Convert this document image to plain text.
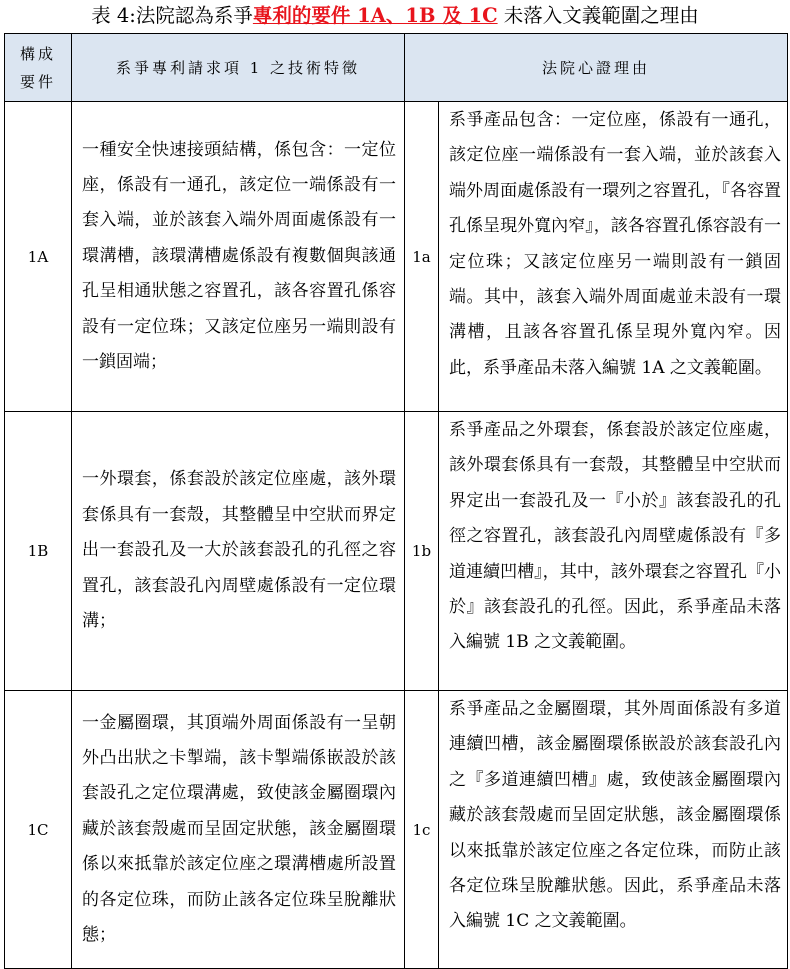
表 4:法院認為系爭專利的要件 1A、1B 及 1C 未落入文義範圍之理由
構成
要件	系爭專利請求項 1 之技術特徵	法院心證理由	
1A	一種安全快速接頭結構，係包含：一定位座，係設有一通孔，該定位一端係設有一套入端，並於該套入端外周面處係設有一環溝槽，該環溝槽處係設有複數個與該通孔呈相通狀態之容置孔，該各容置孔係容設有一定位珠；又該定位座另一端則設有一鎖固端；	1a	系爭產品包含：一定位座，係設有一通孔，該定位座一端係設有一套入端，並於該套入端外周面處係設有一環列之容置孔，『各容置孔係呈現外寬內窄』，該各容置孔係容設有一定位珠；又該定位座另一端則設有一鎖固端。其中，該套入端外周面處並未設有一環溝槽，且該各容置孔係呈現外寬內窄。因此，系爭產品未落入編號 1A 之文義範圍。
1B	一外環套，係套設於該定位座處，該外環套係具有一套殼，其整體呈中空狀而界定出一套設孔及一大於該套設孔的孔徑之容置孔，該套設孔內周壁處係設有一定位環溝；	1b	系爭產品之外環套，係套設於該定位座處，該外環套係具有一套殼，其整體呈中空狀而界定出一套設孔及一『小於』該套設孔的孔徑之容置孔，該套設孔內周壁處係設有『多道連續凹槽』，其中，該外環套之容置孔『小於』該套設孔的孔徑。因此，系爭產品未落入編號 1B 之文義範圍。
1C	一金屬圈環，其頂端外周面係設有一呈朝外凸出狀之卡掣端，該卡掣端係嵌設於該套設孔之定位環溝處，致使該金屬圈環內藏於該套殼處而呈固定狀態，該金屬圈環係以來抵靠於該定位座之環溝槽處所設置的各定位珠，而防止該各定位珠呈脫離狀態；	1c	系爭產品之金屬圈環，其外周面係設有多道連續凹槽，該金屬圈環係嵌設於該套設孔內之『多道連續凹槽』處，致使該金屬圈環內藏於該套殼處而呈固定狀態，該金屬圈環係以來抵靠於該定位座之各定位珠，而防止該各定位珠呈脫離狀態。因此，系爭產品未落入編號 1C 之文義範圍。
